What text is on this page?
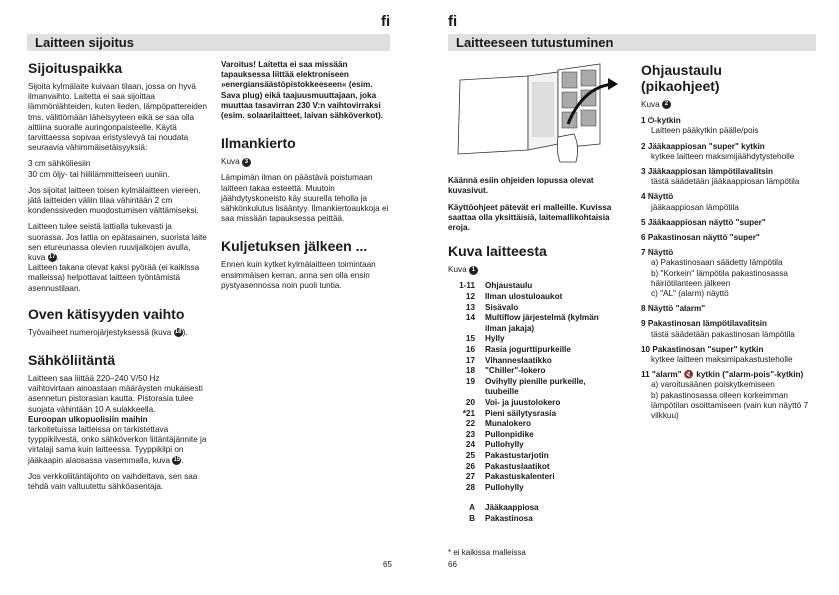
fi	fi
Laitteen sijoitus	Laitteeseen tutustuminen
Sijoituspaikka

Sijoita kylmälaite kuivaan tilaan, jossa on hyvä ilmanvaihto. Laitetta ei saa sijoittaa lämmönlähteiden, kuten lieden, lämpöpattereiden tms. välittömään läheisyyteen eikä se saa olla alttiina suoralle auringonpaisteelle. Käytä tarvittaessa sopivaa eristyslevyä tai noudata seuraavia vähimmäisetäisyyksiä:

3 cm sähköliesiin
30 cm öljy- tai hiililämmitteiseen uuniin.

Jos sijoitat laitteen toisen kylmälaitteen viereen, jätä laitteiden väliin tilaa vähintään 2 cm kondenssiveden muodostumisen välttämiseksi.

Laitteen tulee seistä lattialla tukevasti ja suorassa. Jos lattia on epätasainen, suorista laite sen etureunassa olevien ruuvijalkojen avulla, kuva 17.

Laitteen takana olevat kaksi pyörää (ei kaikissa malleissa) helpottavat laitteen työntämistä asennustilaan.

Oven kätisyyden vaihto

Työvaiheet numerojärjestyksessä (kuva 18).

Sähköliitäntä

Laitteen saa liittää 220–240 V/50 Hz vaihtovirtaan ainoastaan määräysten mukaisesti asennetun pistorasian kautta. Pistorasia tulee suojata vähintään 10 A sulakkeella.

Euroopan ulkopuolisiin maihin
tarkoitetuissa laitteissa on tarkistettava tyyppikilvestä, onko sähköverkon liitäntäjännite ja virtalaji sama kuin laitteessa. Tyyppikilpi on jääkaapin alaosassa vasemmalla, kuva 15.

Jos verkkoliitäntäjohto on vaihdettava, sen saa tehdä vain valtuutettu sähköasentaja.

65

Varoitus! Laitetta ei saa missään tapauksessa liittää elektroniseen »energiansäästöpistokkeeseen« (esim. Sava plug) eikä taajuusmuuttajaan, joka muuttaa tasavirran 230 V:n vaihtovirraksi (esim. solaarilaitteet, laivan sähköverkot).

Ilmankierto

Kuva 3

Lämpimän ilman on päästävä poistumaan laitteen takaa esteettä. Muutoin jäähdytyskoneisto käy suurella teholla ja sähkönkulutus lisääntyy. Ilmankiertoaukkoja ei saa missään tapauksessa peittää.

Kuljetuksen jälkeen ...

Ennen kuin kytket kylmälaitteen toimintaan ensimmäisen kerran, anna sen olla ensin pystyasennossa noin puoli tuntia.

Käännä esiin ohjeiden lopussa olevat kuvasivut.

Käyttöohjeet pätevät eri malleille. Kuvissa saattaa olla yksittäisiä, laitemallikohtaisia eroja.

Kuva laitteesta

Kuva 1

1-11	Ohjaustaulu
12	Ilman ulostuloaukot
13	Sisävalo
14	Multiflow järjestelmä (kylmän ilman jakaja)
15	Hylly
16	Rasia jogurttipurkeille
17	Vihanneslaatikko
18	"Chiller"-lokero
19	Ovihylly pienille purkeille, tuubeille
20	Voi- ja juustolokero
*21	Pieni säilytysrasia
22	Munalokero
23	Pullonpidike
24	Pullohylly
25	Pakastustarjotin
26	Pakastuslaatikot
27	Pakastuskalenteri
28	Pullohylly
A	Jääkaappiosa
B	Pakastinosa
* ei kaikissa malleissa
66
Ohjaustaulu (pikaohjeet)

Kuva 2

1 ⏻-kytkin
Laitteen pääkytkin päälle/pois
2 Jääkaappiosan "super" kytkin
kytkee laitteen maksimijäähdytysteholle
3 Jääkaappiosan lämpötilavalitsin
tästä säädetään jääkaappiosan lämpötila
4 Näyttö
jääkaappiosan lämpötila
5 Jääkaappiosan näyttö "super"
6 Pakastinosan näyttö "super"
7 Näyttö
a) Pakastinosaan säädetty lämpötila
b) "Korkein" lämpötila pakastinosassa häiriötilanteen jälkeen
c) "AL" (alarm) näyttö
8 Näyttö "alarm"
9 Pakastinosan lämpötilavalitsin
tästä säädetään pakastinosan lämpötila
10 Pakastinosan "super" kytkin
kytkee laitteen maksimipakastusteholle
11 "alarm" 🔇 kytkin ("alarm-pois"-kytkin)
a) varoitusäänen poiskytkemiseen
b) pakastinosassa olleen korkeimman lämpötilan osoittamiseen (vain kun näyttö 7 vilkkuu)
